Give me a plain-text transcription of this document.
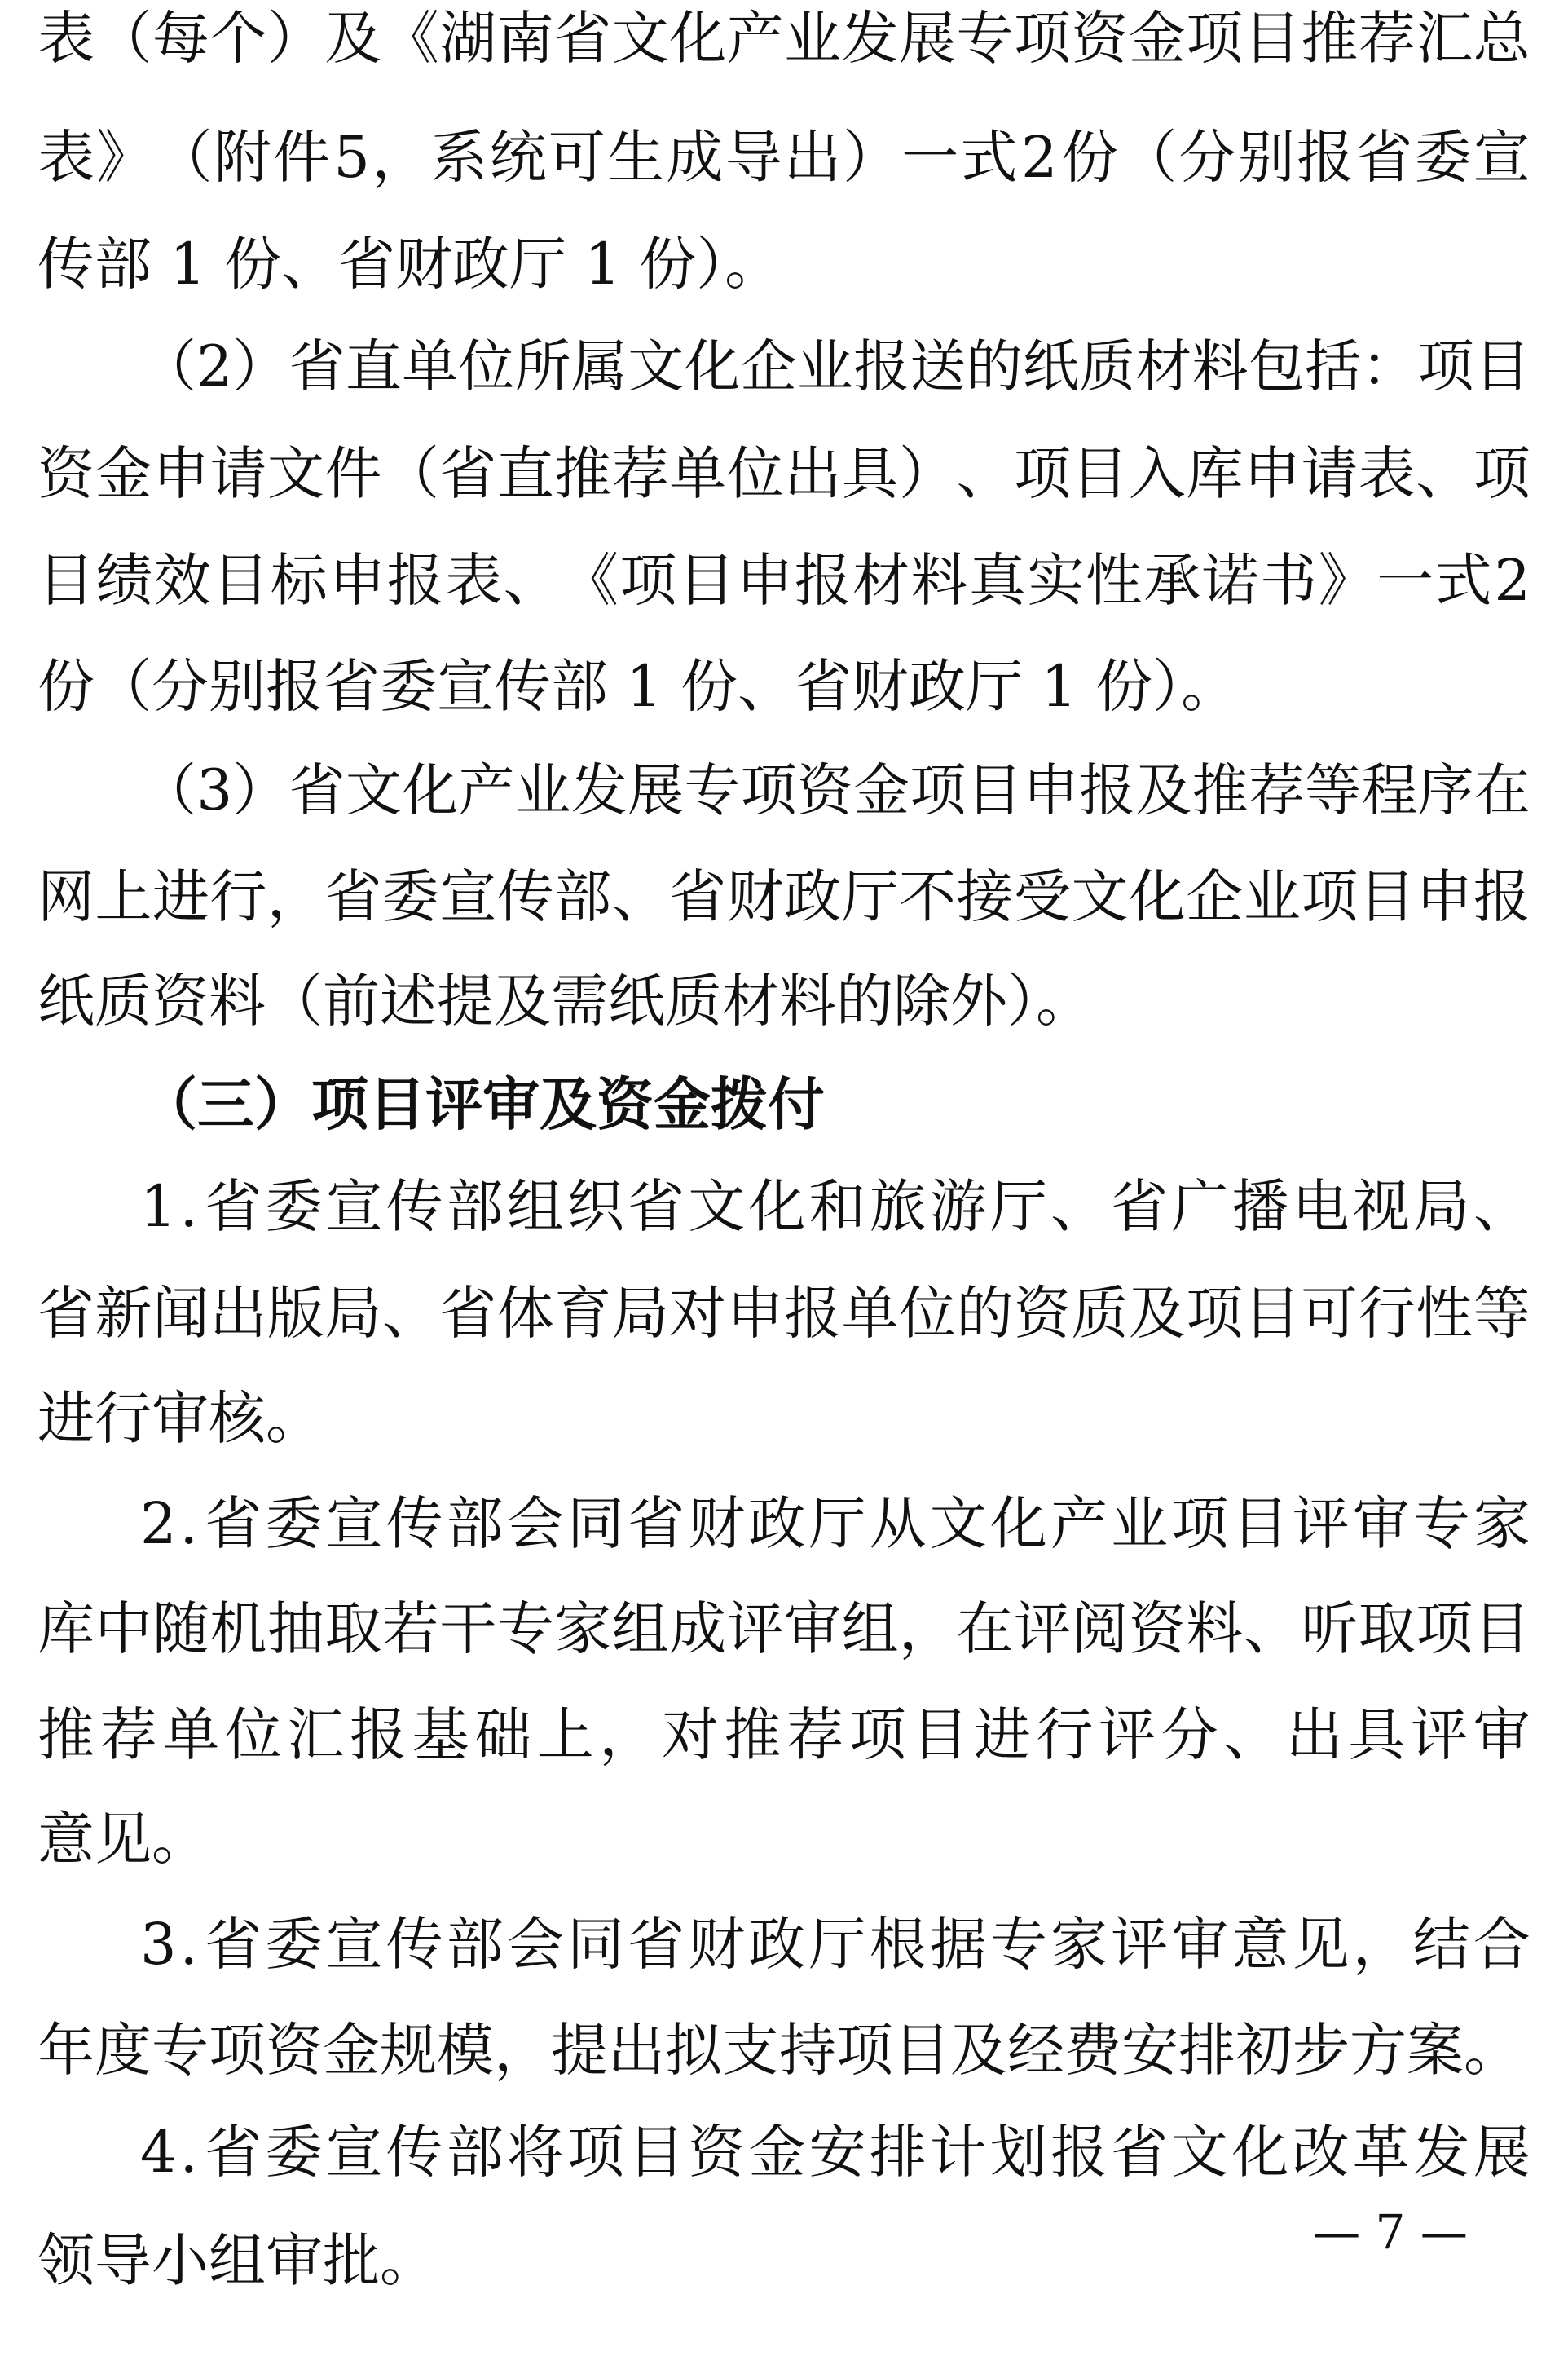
表 （ 每 个 ） 及 《 湖 南 省 文 化 产 业 发 展 专 项 资 金 项 目 推 荐 汇 总
表 》 （ 附 件 5 ， 系 统 可 生 成 导 出 ） 一 式 2 份 （ 分 别 报 省 委 宣
传部 1 份、省财政厅 1 份）。
（ 2 ） 省 直 单 位 所 属 文 化 企 业 报 送 的 纸 质 材 料 包 括 ： 项 目
资 金 申 请 文 件 （ 省 直 推 荐 单 位 出 具 ） 、 项 目 入 库 申 请 表 、 项
目 绩 效 目 标 申 报 表 、 《 项 目 申 报 材 料 真 实 性 承 诺 书 》 一 式 2
份（分别报省委宣传部 1 份、省财政厅 1 份）。
（ 3 ） 省 文 化 产 业 发 展 专 项 资 金 项 目 申 报 及 推 荐 等 程 序 在
网 上 进 行 ， 省 委 宣 传 部 、 省 财 政 厅 不 接 受 文 化 企 业 项 目 申 报
纸质资料（前述提及需纸质材料的除外）。
（三）项目评审及资金拨付
1 . 省 委 宣 传 部 组 织 省 文 化 和 旅 游 厅 、 省 广 播 电 视 局 、
省 新 闻 出 版 局 、 省 体 育 局 对 申 报 单 位 的 资 质 及 项 目 可 行 性 等
进行审核。
2 . 省 委 宣 传 部 会 同 省 财 政 厅 从 文 化 产 业 项 目 评 审 专 家
库 中 随 机 抽 取 若 干 专 家 组 成 评 审 组 ， 在 评 阅 资 料 、 听 取 项 目
推 荐 单 位 汇 报 基 础 上 ， 对 推 荐 项 目 进 行 评 分 、 出 具 评 审
意见。
3 . 省 委 宣 传 部 会 同 省 财 政 厅 根 据 专 家 评 审 意 见 ， 结 合
年度专项资金规模，提出拟支持项目及经费安排初步方案。
4 . 省 委 宣 传 部 将 项 目 资 金 安 排 计 划 报 省 文 化 改 革 发 展
领导小组审批。	— 7 —
